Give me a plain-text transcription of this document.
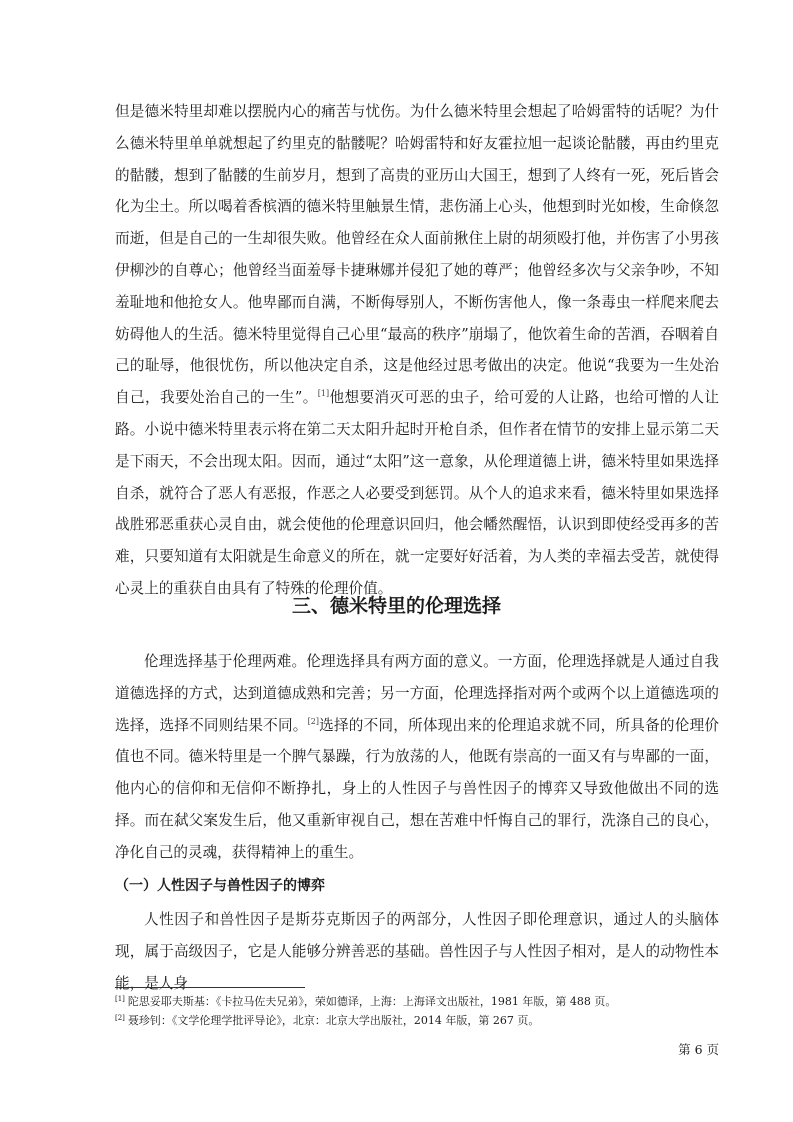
但是德米特里却难以摆脱内心的痛苦与忧伤。为什么德米特里会想起了哈姆雷特的话呢？为什么德米特里单单就想起了约里克的骷髅呢？哈姆雷特和好友霍拉旭一起谈论骷髅，再由约里克的骷髅，想到了骷髅的生前岁月，想到了高贵的亚历山大国王，想到了人终有一死，死后皆会化为尘土。所以喝着香槟酒的德米特里触景生情，悲伤涌上心头，他想到时光如梭，生命倏忽而逝，但是自己的一生却很失败。他曾经在众人面前揪住上尉的胡须殴打他，并伤害了小男孩伊柳沙的自尊心；他曾经当面羞辱卡捷琳娜并侵犯了她的尊严；他曾经多次与父亲争吵，不知羞耻地和他抢女人。他卑鄙而自满，不断侮辱别人，不断伤害他人，像一条毒虫一样爬来爬去妨碍他人的生活。德米特里觉得自己心里“最高的秩序”崩塌了，他饮着生命的苦酒，吞咽着自己的耻辱，他很忧伤，所以他决定自杀，这是他经过思考做出的决定。他说“我要为一生处治自己，我要处治自己的一生”。[1]他想要消灭可恶的虫子，给可爱的人让路，也给可憎的人让路。小说中德米特里表示将在第二天太阳升起时开枪自杀，但作者在情节的安排上显示第二天是下雨天，不会出现太阳。因而，通过“太阳”这一意象，从伦理道德上讲，德米特里如果选择自杀，就符合了恶人有恶报，作恶之人必要受到惩罚。从个人的追求来看，德米特里如果选择战胜邪恶重获心灵自由，就会使他的伦理意识回归，他会幡然醒悟，认识到即使经受再多的苦难，只要知道有太阳就是生命意义的所在，就一定要好好活着，为人类的幸福去受苦，就使得心灵上的重获自由具有了特殊的伦理价值。

三、德米特里的伦理选择

伦理选择基于伦理两难。伦理选择具有两方面的意义。一方面，伦理选择就是人通过自我道德选择的方式，达到道德成熟和完善；另一方面，伦理选择指对两个或两个以上道德选项的选择，选择不同则结果不同。[2]选择的不同，所体现出来的伦理追求就不同，所具备的伦理价值也不同。德米特里是一个脾气暴躁，行为放荡的人，他既有崇高的一面又有与卑鄙的一面，他内心的信仰和无信仰不断挣扎，身上的人性因子与兽性因子的博弈又导致他做出不同的选择。而在弑父案发生后，他又重新审视自己，想在苦难中忏悔自己的罪行，洗涤自己的良心，净化自己的灵魂，获得精神上的重生。

（一）人性因子与兽性因子的博弈

人性因子和兽性因子是斯芬克斯因子的两部分，人性因子即伦理意识，通过人的头脑体现，属于高级因子，它是人能够分辨善恶的基础。兽性因子与人性因子相对，是人的动物性本能，是人身

[1] 陀思妥耶夫斯基：《卡拉马佐夫兄弟》，荣如德译，上海：上海译文出版社，1981 年版，第 488 页。

[2] 聂珍钊：《文学伦理学批评导论》，北京：北京大学出版社，2014 年版，第 267 页。

第 6 页
